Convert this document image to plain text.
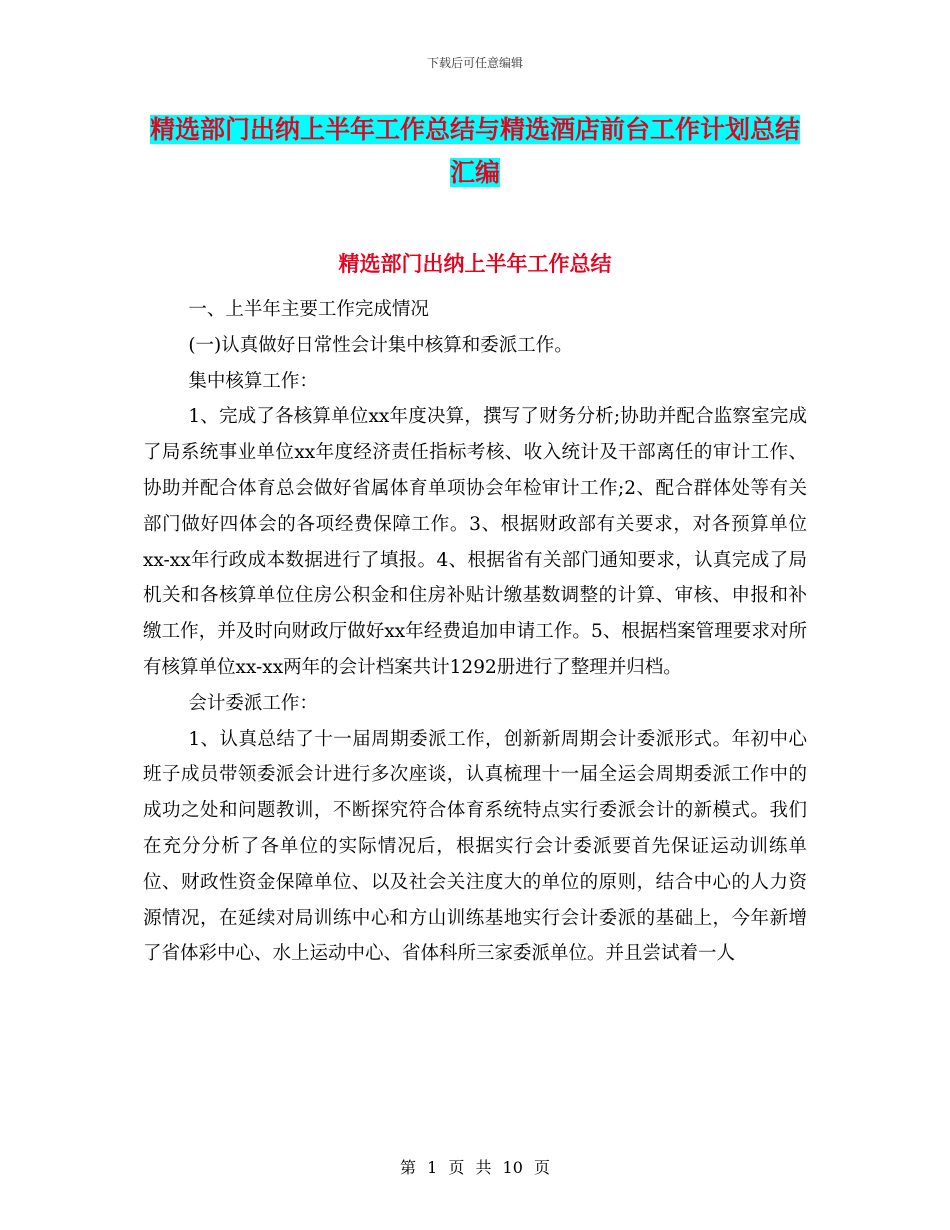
下载后可任意编辑
精选部门出纳上半年工作总结与精选酒店前台工作计划总结汇编
精选部门出纳上半年工作总结

一、上半年主要工作完成情况

(一)认真做好日常性会计集中核算和委派工作。

集中核算工作：

1、完成了各核算单位xx年度决算，撰写了财务分析;协助并配合监察室完成了局系统事业单位xx年度经济责任指标考核、收入统计及干部离任的审计工作、协助并配合体育总会做好省属体育单项协会年检审计工作;2、配合群体处等有关部门做好四体会的各项经费保障工作。3、根据财政部有关要求，对各预算单位xx-xx年行政成本数据进行了填报。4、根据省有关部门通知要求，认真完成了局机关和各核算单位住房公积金和住房补贴计缴基数调整的计算、审核、申报和补缴工作，并及时向财政厅做好xx年经费追加申请工作。5、根据档案管理要求对所有核算单位xx-xx两年的会计档案共计1292册进行了整理并归档。

会计委派工作：

1、认真总结了十一届周期委派工作，创新新周期会计委派形式。年初中心班子成员带领委派会计进行多次座谈，认真梳理十一届全运会周期委派工作中的成功之处和问题教训，不断探究符合体育系统特点实行委派会计的新模式。我们在充分分析了各单位的实际情况后，根据实行会计委派要首先保证运动训练单位、财政性资金保障单位、以及社会关注度大的单位的原则，结合中心的人力资源情况，在延续对局训练中心和方山训练基地实行会计委派的基础上，今年新增了省体彩中心、水上运动中心、省体科所三家委派单位。并且尝试着一人

第 1 页 共 10 页
